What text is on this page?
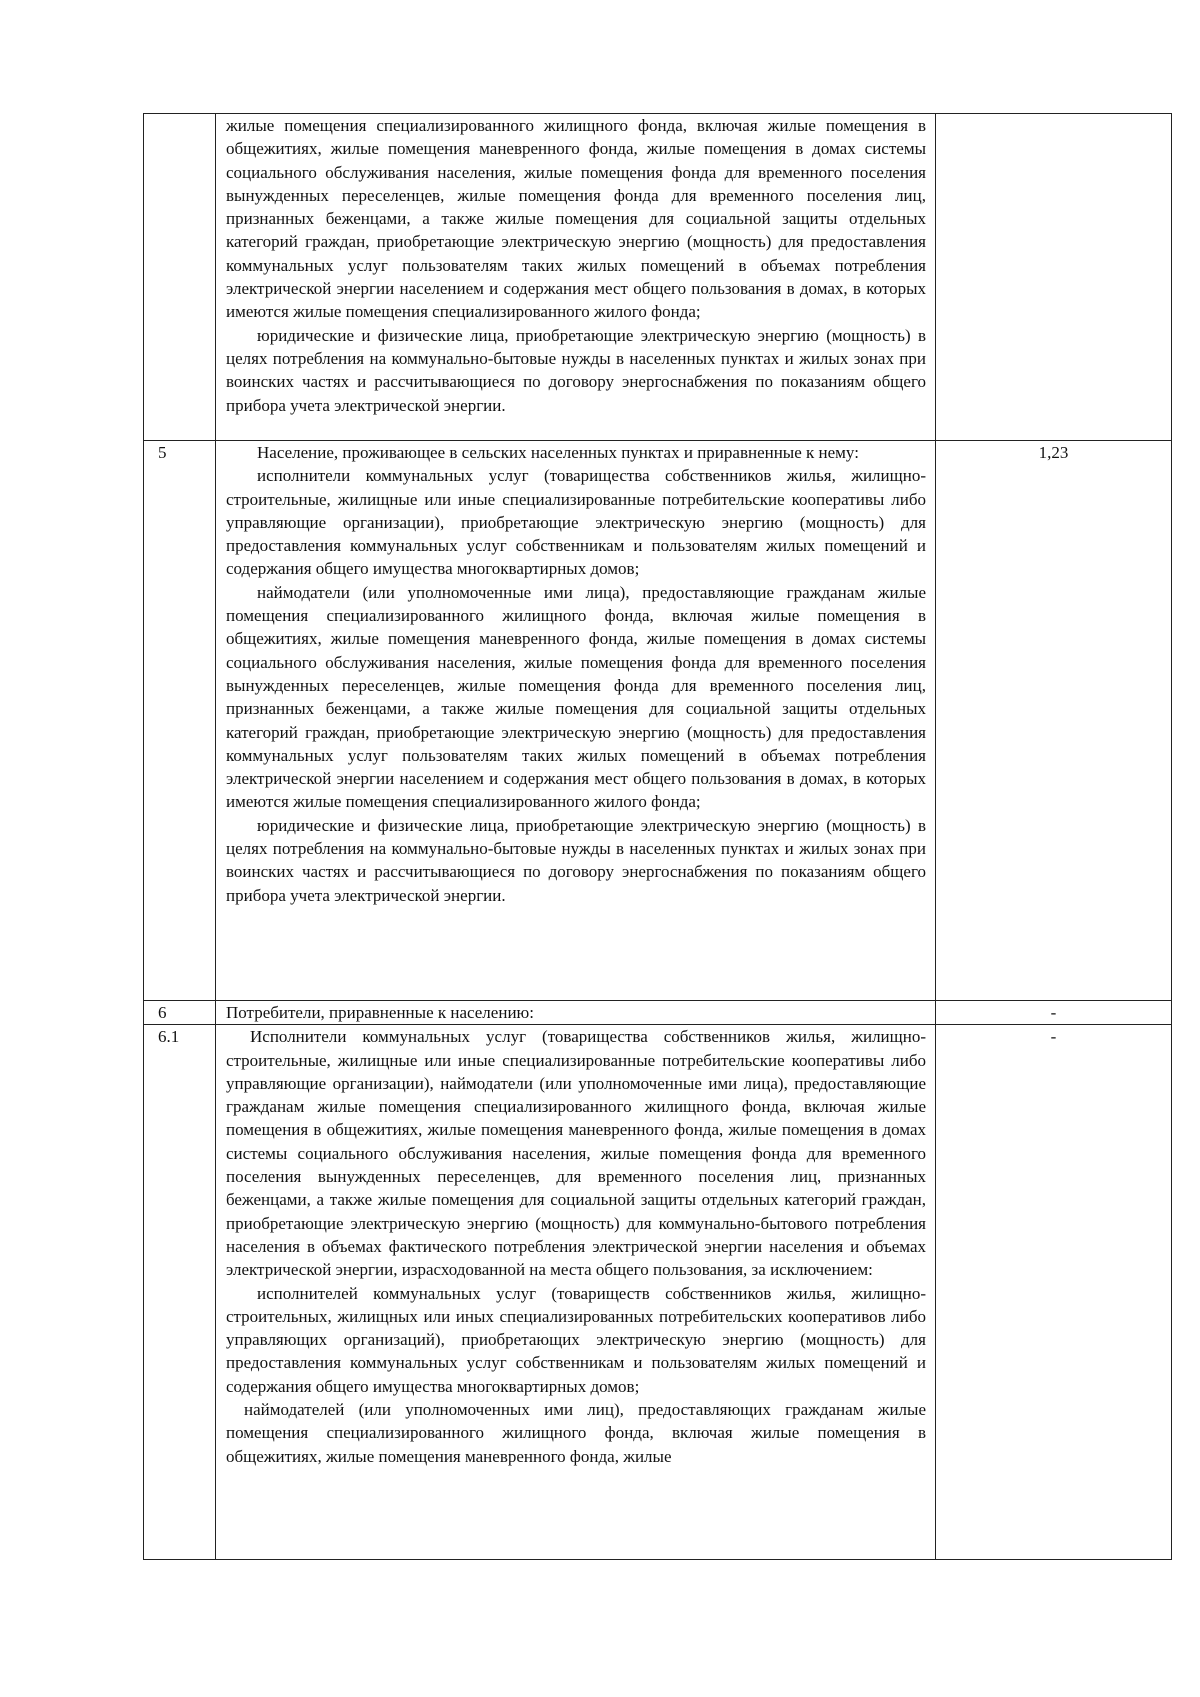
	жилые помещения специализированного жилищного фонда, включая жилые помещения в общежитиях, жилые помещения маневренного фонда, жилые помещения в домах системы социального обслуживания населения, жилые помещения фонда для временного поселения вынужденных переселенцев, жилые помещения фонда для временного поселения лиц, признанных беженцами, а также жилые помещения для социальной защиты отдельных категорий граждан, приобретающие электрическую энергию (мощность) для предоставления коммунальных услуг пользователям таких жилых помещений в объемах потребления электрической энергии населением и содержания мест общего пользования в домах, в которых имеются жилые помещения специализированного жилого фонда;

юридические и физические лица, приобретающие электрическую энергию (мощность) в целях потребления на коммунально-бытовые нужды в населенных пунктах и жилых зонах при воинских частях и рассчитывающиеся по договору энергоснабжения по показаниям общего прибора учета электрической энергии.	

5	Население, проживающее в сельских населенных пунктах и приравненные к нему:

исполнители коммунальных услуг (товарищества собственников жилья, жилищно-строительные, жилищные или иные специализированные потребительские кооперативы либо управляющие организации), приобретающие электрическую энергию (мощность) для предоставления коммунальных услуг собственникам и пользователям жилых помещений и содержания общего имущества многоквартирных домов;

наймодатели (или уполномоченные ими лица), предоставляющие гражданам жилые помещения специализированного жилищного фонда, включая жилые помещения в общежитиях, жилые помещения маневренного фонда, жилые помещения в домах системы социального обслуживания населения, жилые помещения фонда для временного поселения вынужденных переселенцев, жилые помещения фонда для временного поселения лиц, признанных беженцами, а также жилые помещения для социальной защиты отдельных категорий граждан, приобретающие электрическую энергию (мощность) для предоставления коммунальных услуг пользователям таких жилых помещений в объемах потребления электрической энергии населением и содержания мест общего пользования в домах, в которых имеются жилые помещения специализированного жилого фонда;

юридические и физические лица, приобретающие электрическую энергию (мощность) в целях потребления на коммунально-бытовые нужды в населенных пунктах и жилых зонах при воинских частях и рассчитывающиеся по договору энергоснабжения по показаниям общего прибора учета электрической энергии.	1,23
6	Потребители, приравненные к населению:	-
6.1	Исполнители коммунальных услуг (товарищества собственников жилья, жилищно-строительные, жилищные или иные специализированные потребительские кооперативы либо управляющие организации), наймодатели (или уполномоченные ими лица), предоставляющие гражданам жилые помещения специализированного жилищного фонда, включая жилые помещения в общежитиях, жилые помещения маневренного фонда, жилые помещения в домах системы социального обслуживания населения, жилые помещения фонда для временного поселения вынужденных переселенцев, для временного поселения лиц, признанных беженцами, а также жилые помещения для социальной защиты отдельных категорий граждан, приобретающие электрическую энергию (мощность) для коммунально-бытового потребления населения в объемах фактического потребления электрической энергии населения и объемах электрической энергии, израсходованной на места общего пользования, за исключением:

исполнителей коммунальных услуг (товариществ собственников жилья, жилищно-строительных, жилищных или иных специализированных потребительских кооперативов либо управляющих организаций), приобретающих электрическую энергию (мощность) для предоставления коммунальных услуг собственникам и пользователям жилых помещений и содержания общего имущества многоквартирных домов;

наймодателей (или уполномоченных ими лиц), предоставляющих гражданам жилые помещения специализированного жилищного фонда, включая жилые помещения в общежитиях, жилые помещения маневренного фонда, жилые	-
